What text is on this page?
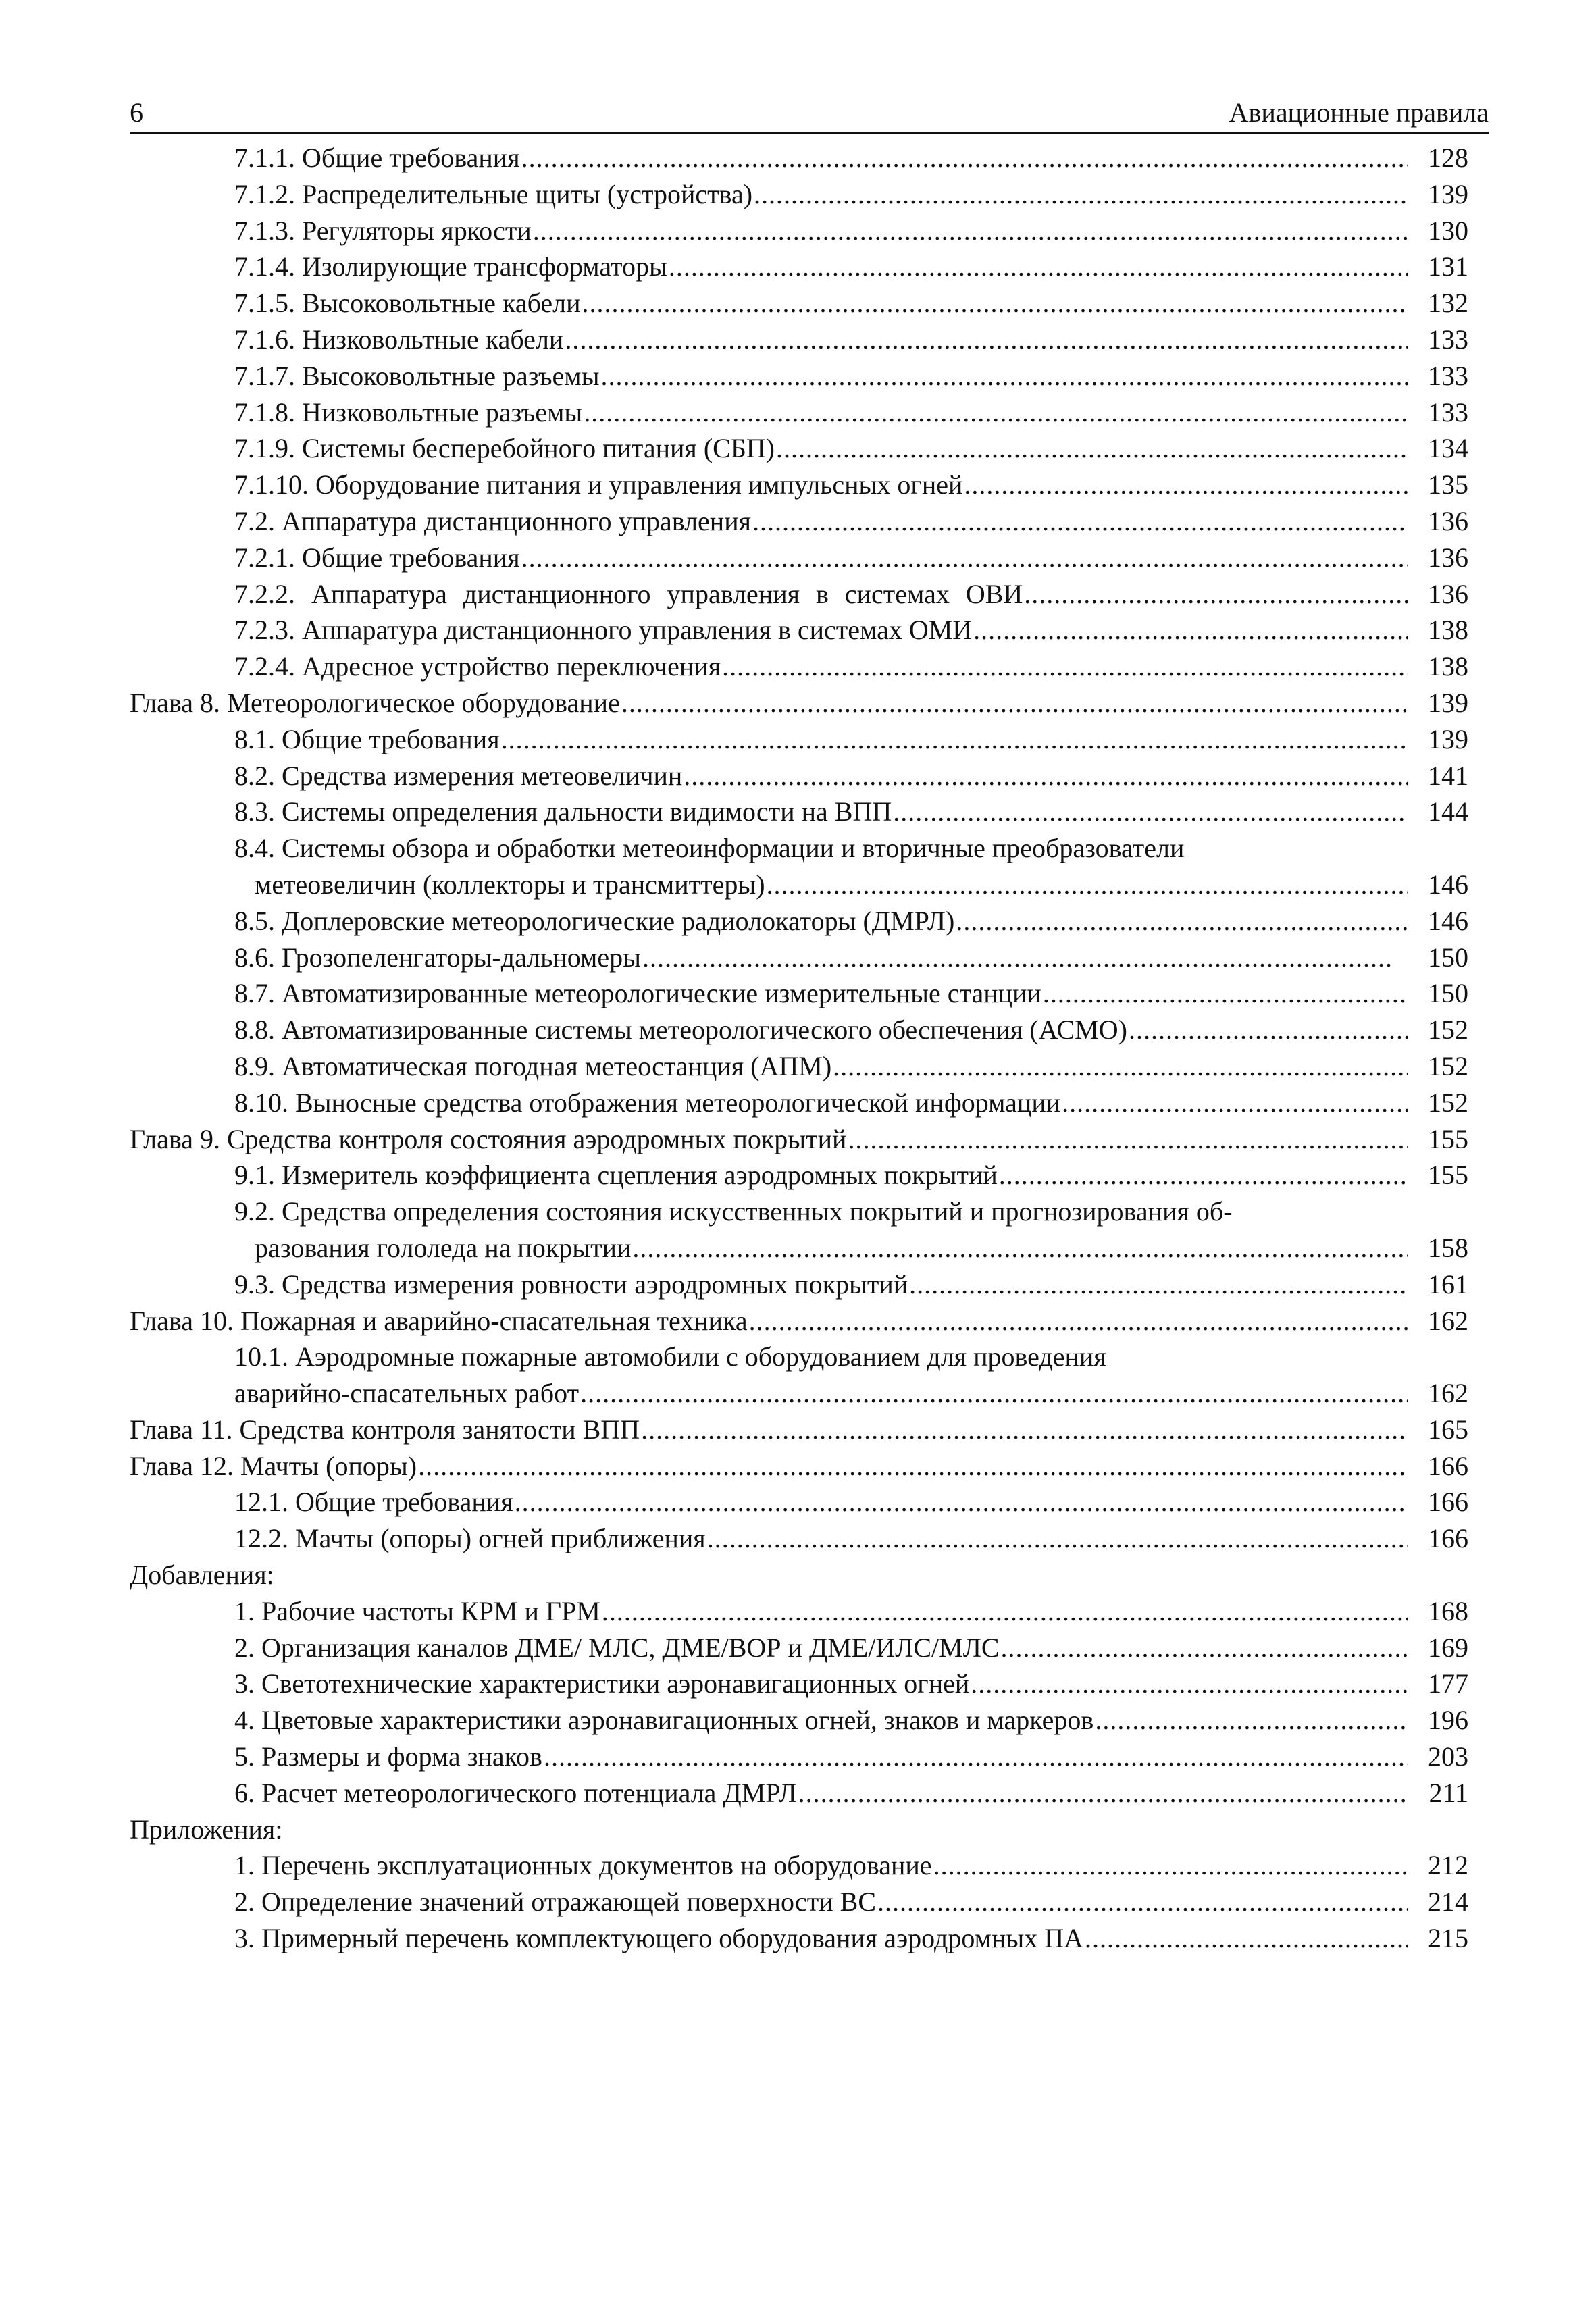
6	Авиационные правила
7.1.1. Общие требования .....	128
7.1.2. Распределительные щиты (устройства) .....	139
7.1.3. Регуляторы яркости .....	130
7.1.4. Изолирующие трансформаторы .....	131
7.1.5. Высоковольтные кабели .....	132
7.1.6. Низковольтные кабели .....	133
7.1.7. Высоковольтные разъемы .....	133
7.1.8. Низковольтные разъемы .....	133
7.1.9. Системы бесперебойного питания (СБП) .....	134
7.1.10. Оборудование питания и управления импульсных огней .....	135
7.2. Аппаратура дистанционного управления .....	136
7.2.1. Общие требования .....	136
7.2.2. Аппаратура дистанционного управления в системах ОВИ .....	136
7.2.3. Аппаратура дистанционного управления в системах ОМИ .....	138
7.2.4. Адресное устройство переключения .....	138
Глава 8. Метеорологическое оборудование .....	139
8.1. Общие требования .....	139
8.2. Средства измерения метеовеличин .....	141
8.3. Системы определения дальности видимости на ВПП .....	144
8.4. Системы обзора и обработки метеоинформации и вторичные преобразователи
метеовеличин (коллекторы и трансмиттеры) .....	146
8.5. Доплеровские метеорологические радиолокаторы (ДМРЛ) .....	146
8.6. Грозопеленгаторы-дальномеры .....	150
8.7. Автоматизированные метеорологические измерительные станции .....	150
8.8. Автоматизированные системы метеорологического обеспечения (АСМО) .....	152
8.9. Автоматическая погодная метеостанция (АПМ) .....	152
8.10. Выносные средства отображения метеорологической информации .....	152
Глава 9. Средства контроля состояния аэродромных покрытий .....	155
9.1. Измеритель коэффициента сцепления аэродромных покрытий .....	155
9.2. Средства определения состояния искусственных покрытий и прогнозирования об-
разования гололеда на покрытии .....	158
9.3. Средства измерения ровности аэродромных покрытий .....	161
Глава 10. Пожарная и аварийно-спасательная техника .....	162
10.1. Аэродромные пожарные автомобили с оборудованием для проведения
аварийно-спасательных работ .....	162
Глава 11. Средства контроля занятости ВПП .....	165
Глава 12. Мачты (опоры) .....	166
12.1. Общие требования .....	166
12.2. Мачты (опоры) огней приближения .....	166
Добавления:
1. Рабочие частоты КРМ и ГРМ .....	168
2. Организация каналов ДМЕ/ МЛС, ДМЕ/ВОР и ДМЕ/ИЛС/МЛС .....	169
3. Светотехнические характеристики аэронавигационных огней .....	177
4. Цветовые характеристики аэронавигационных огней, знаков и маркеров .....	196
5. Размеры и форма знаков .....	203
6. Расчет метеорологического потенциала ДМРЛ .....	211
Приложения:
1. Перечень эксплуатационных документов на оборудование .....	212
2. Определение значений отражающей поверхности ВС .....	214
3. Примерный перечень комплектующего оборудования аэродромных ПА .....	215
